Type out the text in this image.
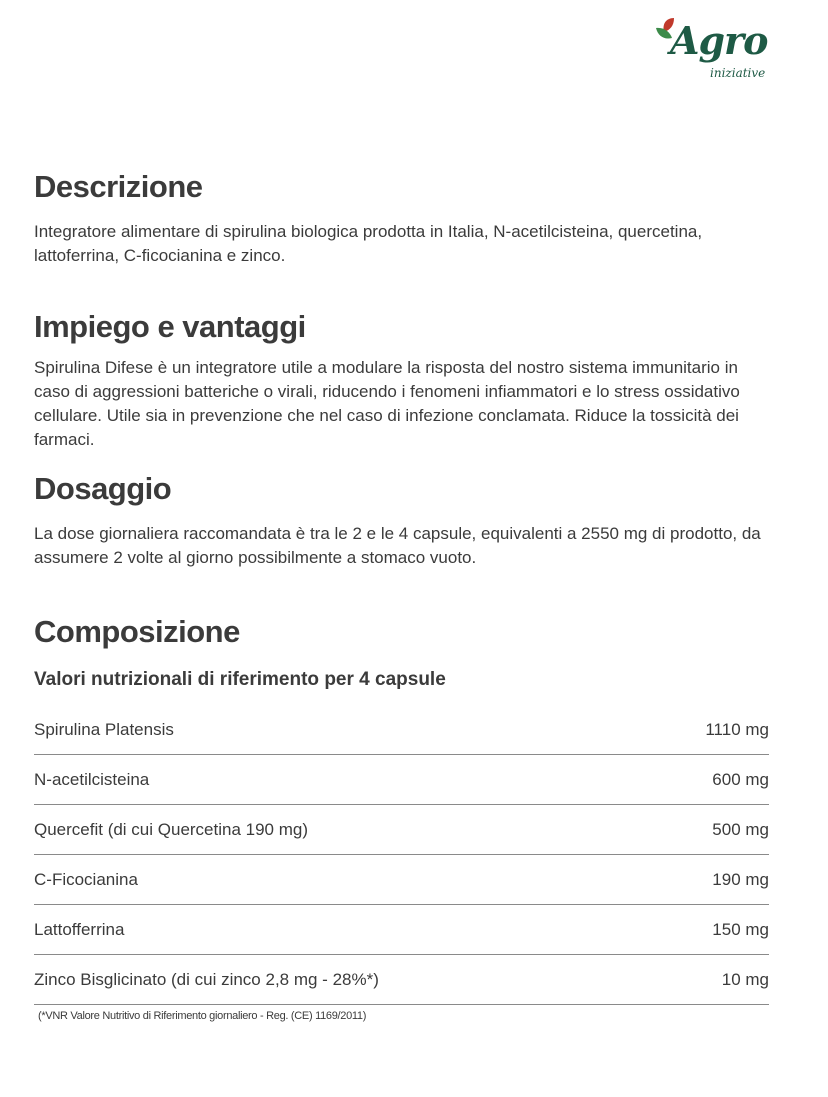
Agro
iniziative
Descrizione

Integratore alimentare di spirulina biologica prodotta in Italia, N-acetilcisteina, quercetina, lattoferrina, C-ficocianina e zinco.

Impiego e vantaggi

Spirulina Difese è un integratore utile a modulare la risposta del nostro sistema immunitario in caso di aggressioni batteriche o virali, riducendo i fenomeni infiammatori e lo stress ossidativo cellulare. Utile sia in prevenzione che nel caso di infezione conclamata. Riduce la tossicità dei farmaci.

Dosaggio

La dose giornaliera raccomandata è tra le 2 e le 4 capsule, equivalenti a 2550 mg di prodotto, da assumere 2 volte al giorno possibilmente a stomaco vuoto.

Composizione

Valori nutrizionali di riferimento per 4 capsule

Spirulina Platensis	1110 mg
N-acetilcisteina	600 mg
Quercefit (di cui Quercetina 190 mg)	500 mg
C-Ficocianina	190 mg
Lattofferrina	150 mg
Zinco Bisglicinato (di cui zinco 2,8 mg - 28%*)	10 mg
(*VNR Valore Nutritivo di Riferimento giornaliero - Reg. (CE) 1169/2011)
